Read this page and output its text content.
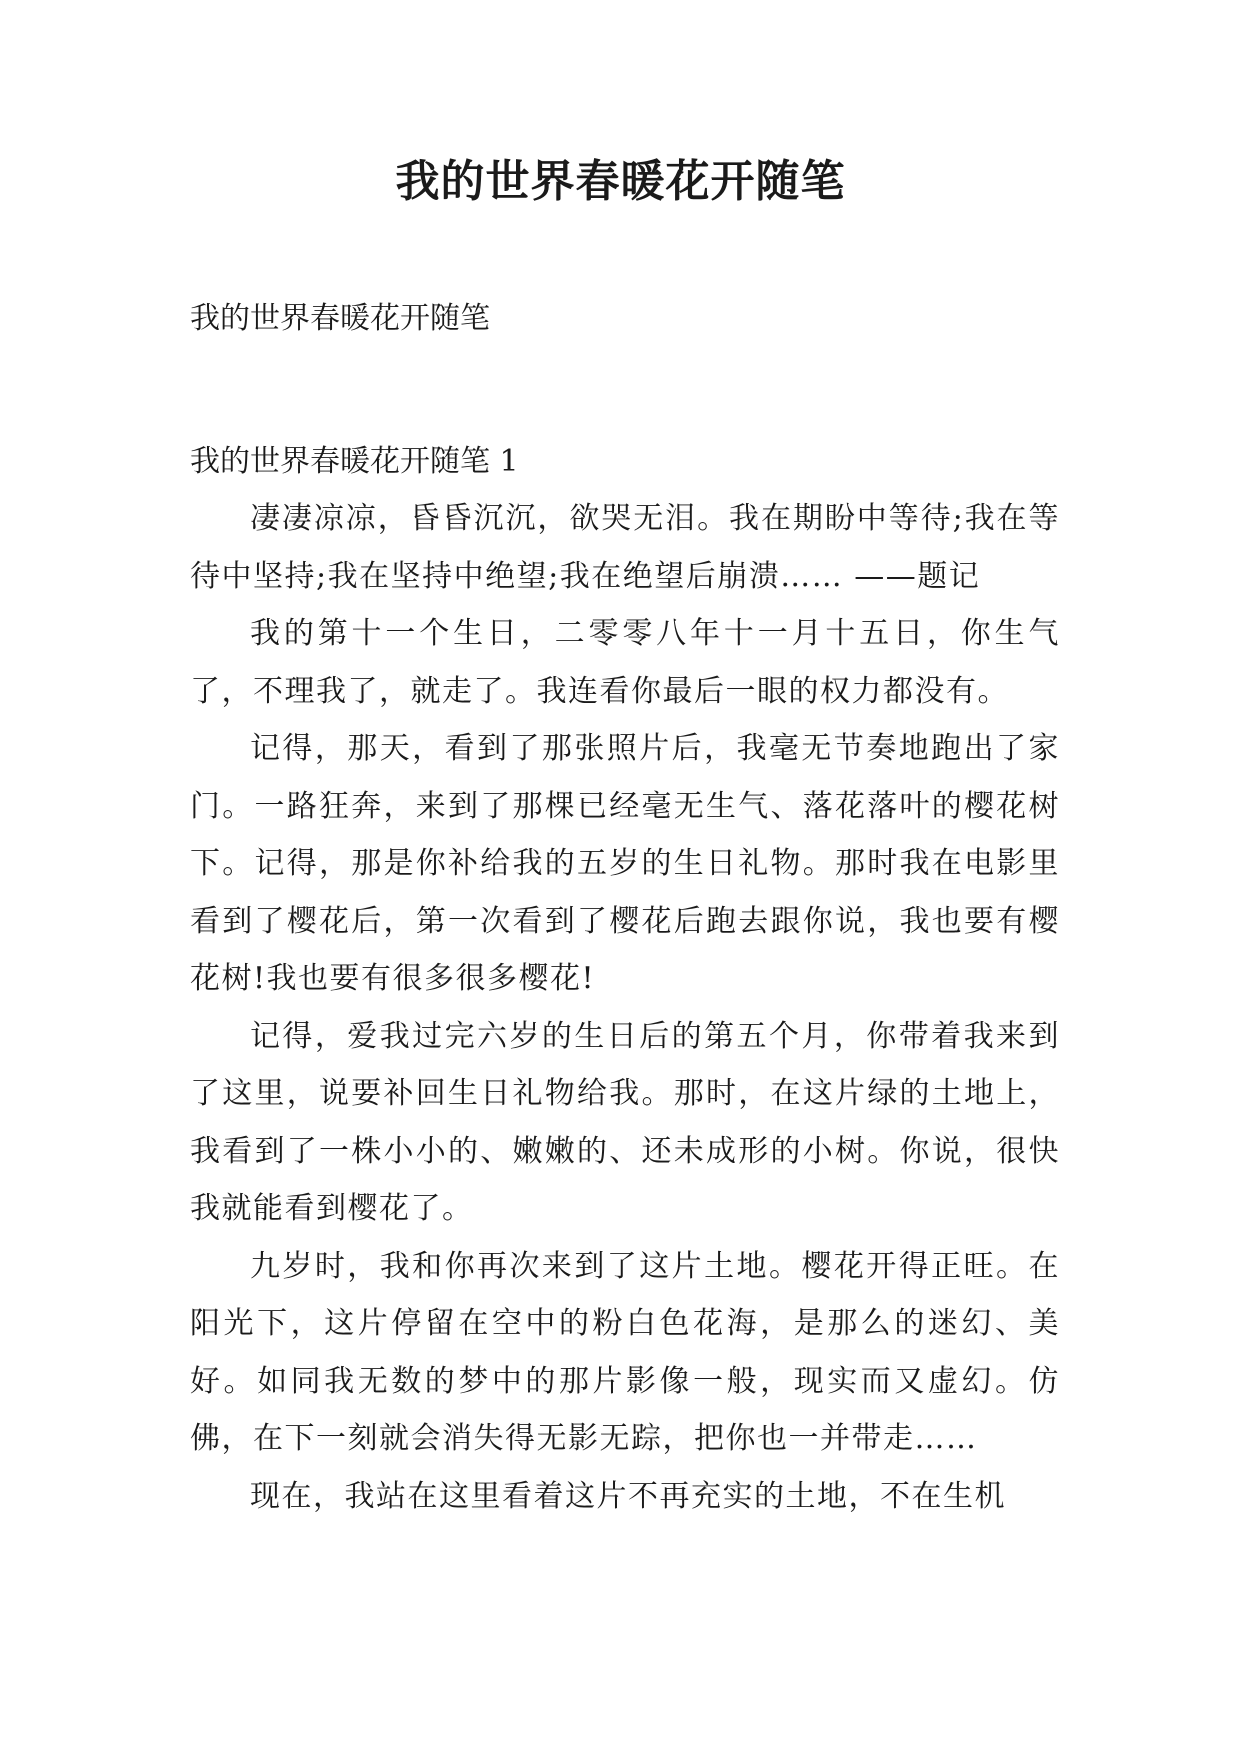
我的世界春暖花开随笔

我的世界春暖花开随笔

我的世界春暖花开随笔 1

凄凄凉凉，昏昏沉沉，欲哭无泪。我在期盼中等待;我在等待中坚持;我在坚持中绝望;我在绝望后崩溃…… ——题记

我的第十一个生日，二零零八年十一月十五日，你生气了，不理我了，就走了。我连看你最后一眼的权力都没有。

记得，那天，看到了那张照片后，我毫无节奏地跑出了家门。一路狂奔，来到了那棵已经毫无生气、落花落叶的樱花树下。记得，那是你补给我的五岁的生日礼物。那时我在电影里看到了樱花后，第一次看到了樱花后跑去跟你说，我也要有樱花树!我也要有很多很多樱花!

记得，爱我过完六岁的生日后的第五个月，你带着我来到了这里，说要补回生日礼物给我。那时，在这片绿的土地上，我看到了一株小小的、嫩嫩的、还未成形的小树。你说，很快我就能看到樱花了。

九岁时，我和你再次来到了这片土地。樱花开得正旺。在阳光下，这片停留在空中的粉白色花海，是那么的迷幻、美好。如同我无数的梦中的那片影像一般，现实而又虚幻。仿佛，在下一刻就会消失得无影无踪，把你也一并带走……

现在，我站在这里看着这片不再充实的土地，不在生机
